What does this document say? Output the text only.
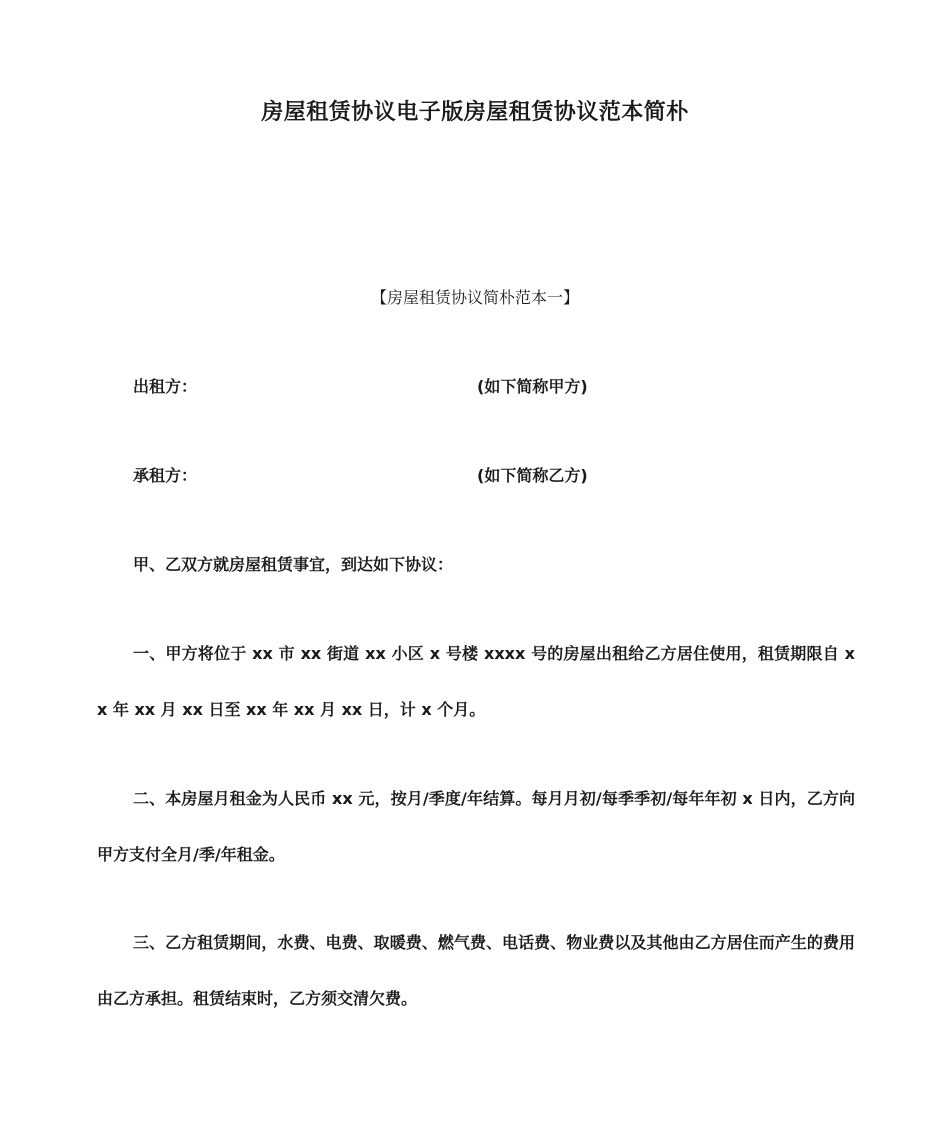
房屋租赁协议电子版房屋租赁协议范本简朴
【房屋租赁协议简朴范本一】
出租方：	(如下简称甲方)
承租方：	(如下简称乙方)
甲、乙双方就房屋租赁事宜，到达如下协议：

一、甲方将位于 xx 市 xx 街道 xx 小区 x 号楼 xxxx 号的房屋出租给乙方居住使用，租赁期限自 xx 年 xx 月 xx 日至 xx 年 xx 月 xx 日，计 x 个月。

二、本房屋月租金为人民币 xx 元，按月/季度/年结算。每月月初/每季季初/每年年初 x 日内，乙方向甲方支付全月/季/年租金。

三、乙方租赁期间，水费、电费、取暖费、燃气费、电话费、物业费以及其他由乙方居住而产生的费用由乙方承担。租赁结束时，乙方须交清欠费。
